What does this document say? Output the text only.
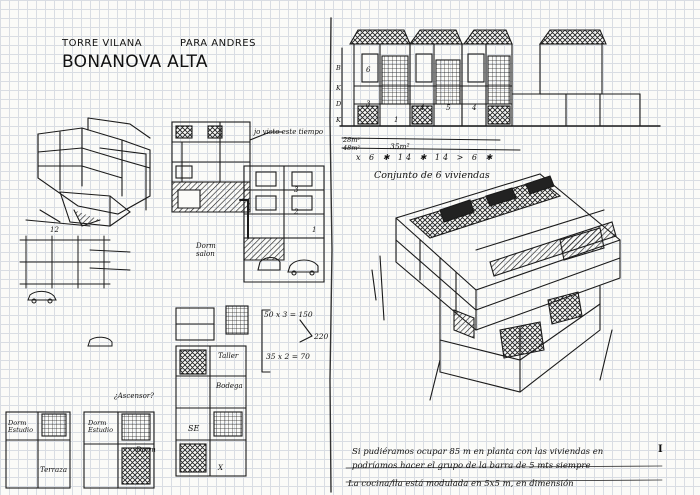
TORRE VILANA	PARA ANDRES
BONANOVA ALTA
jo visto este tiempo
50 x 3 = 150
35 x 2 = 70
220
Dorm
salon
Bodega
Taller
¿Ascensor?
SE
Dorm Estudio
Dorm Estudio
Terraza
Dorm
X
12
3
2
1
35m²
28m²
48m²
x 6 ✱ 14 ✱ 14 > 6 ✱
Conjunto de 6 viviendas
6
3	4	5	4
1
B
K
D
K
Si pudiéramos ocupar 85 m en planta con las viviendas en	I
podríamos hacer el grupo de la barra de 5 mts siempre
La cocina/lla está modulada en 5x5 m, en dimensión
